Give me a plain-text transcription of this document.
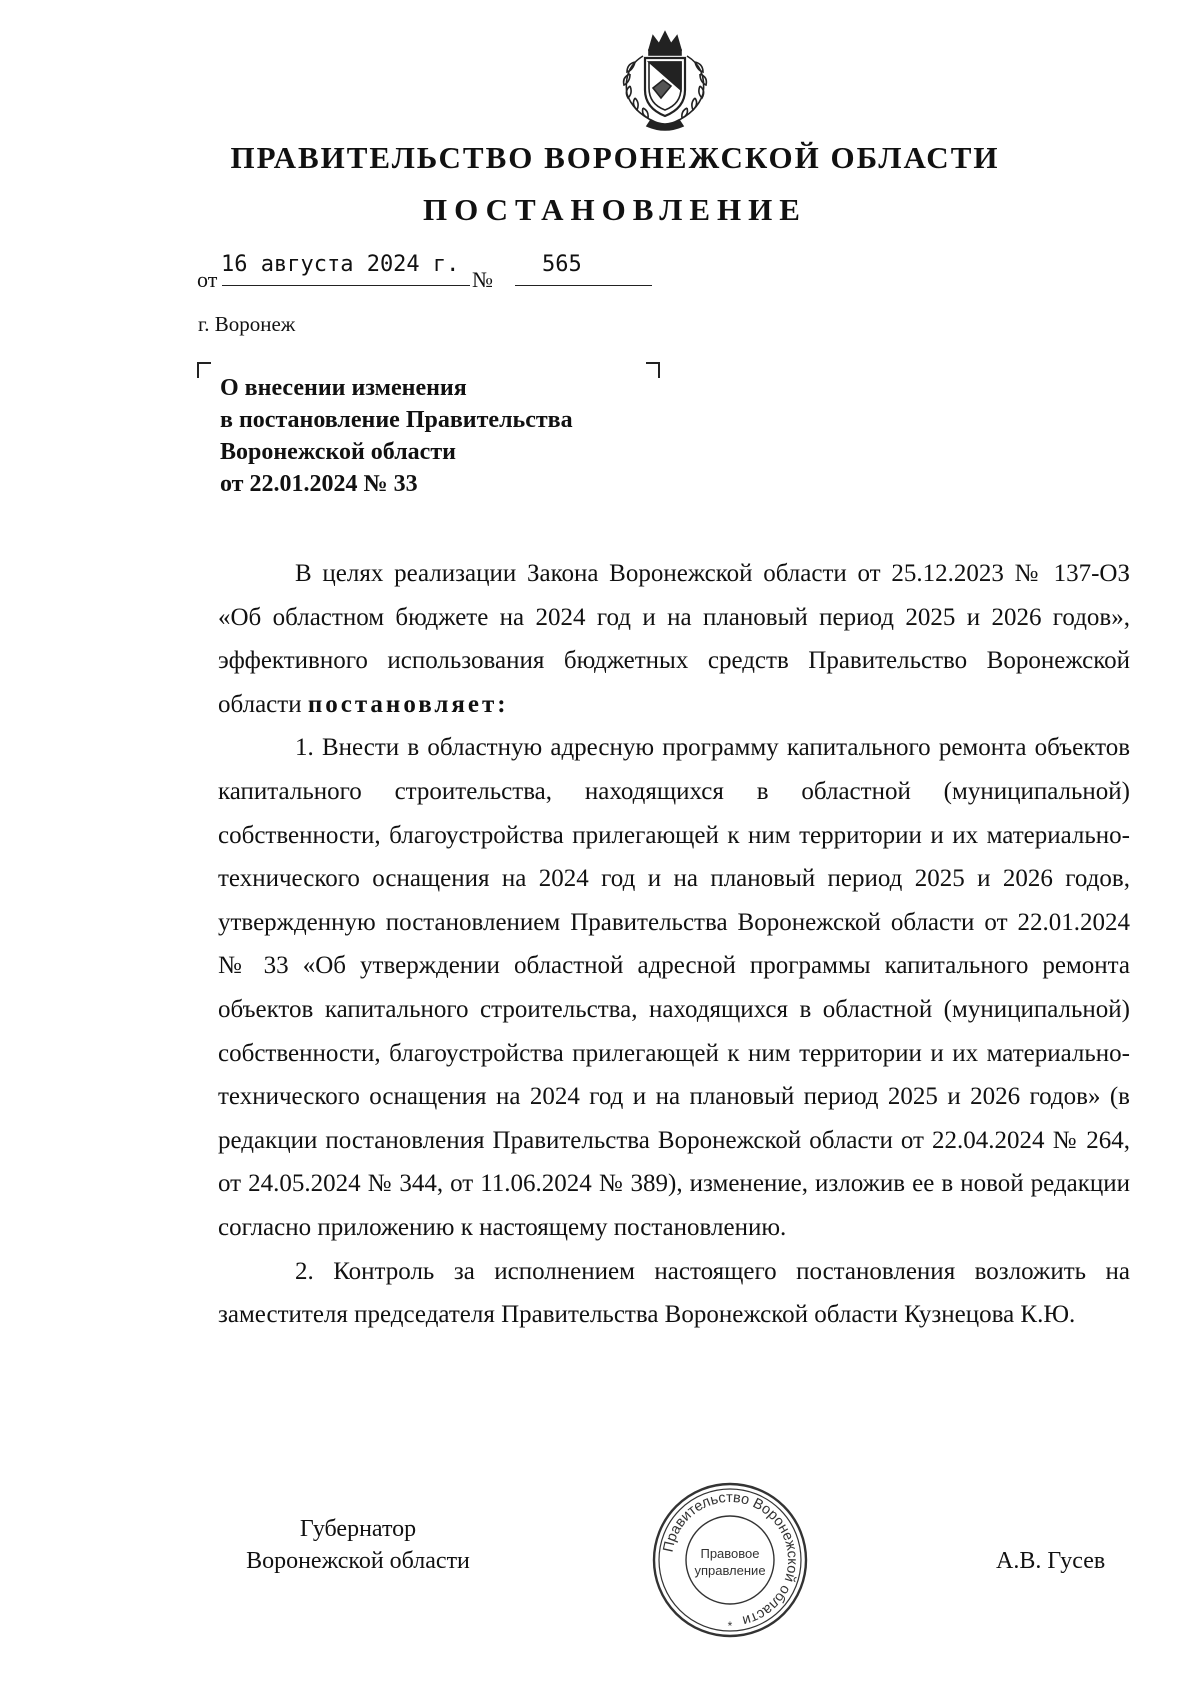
ПРАВИТЕЛЬСТВО ВОРОНЕЖСКОЙ ОБЛАСТИ
ПОСТАНОВЛЕНИЕ
от
16 августа 2024 г.
№
565
г. Воронеж
О внесении изменения
в постановление Правительства
Воронежской области
от 22.01.2024 № 33

В целях реализации Закона Воронежской области от 25.12.2023 № 137-ОЗ «Об областном бюджете на 2024 год и на плановый период 2025 и 2026 годов», эффективного использования бюджетных средств Правительство Воронежской области постановляет:

1. Внести в областную адресную программу капитального ремонта объектов капитального строительства, находящихся в областной (муниципальной) собственности, благоустройства прилегающей к ним территории и их материально-технического оснащения на 2024 год и на плановый период 2025 и 2026 годов, утвержденную постановлением Правительства Воронежской области от 22.01.2024 № 33 «Об утверждении областной адресной программы капитального ремонта объектов капитального строительства, находящихся в областной (муниципальной) собственности, благоустройства прилегающей к ним территории и их материально-технического оснащения на 2024 год и на плановый период 2025 и 2026 годов» (в редакции постановления Правительства Воронежской области от 22.04.2024 № 264, от 24.05.2024 № 344, от 11.06.2024 № 389), изменение, изложив ее в новой редакции согласно приложению к настоящему постановлению.

2. Контроль за исполнением настоящего постановления возложить на заместителя председателя Правительства Воронежской области Кузнецова К.Ю.

Губернатор
Воронежской области
Правительство Воронежской области
Правовое
управление
*
А.В. Гусев
